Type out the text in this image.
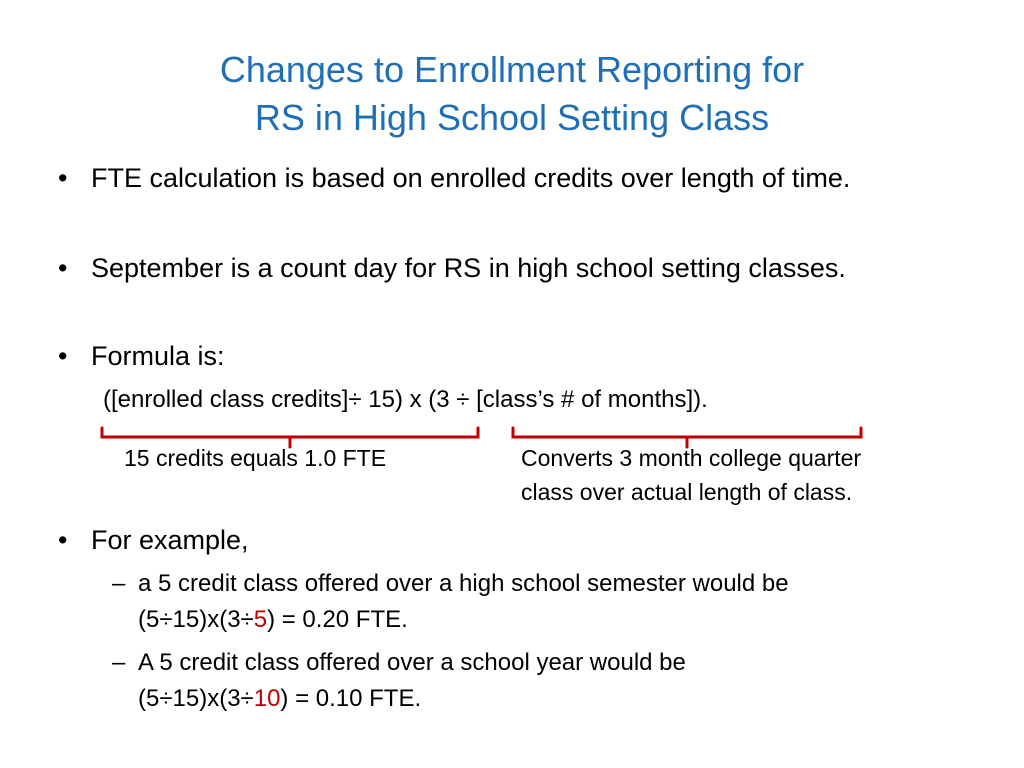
Changes to Enrollment Reporting for
RS in High School Setting Class
• FTE calculation is based on enrolled credits over length of time.
• September is a count day for RS in high school setting classes.
• Formula is:
([enrolled class credits]÷ 15) x (3 ÷ [class’s # of months]).
15 credits equals 1.0 FTE	Converts 3 month college quarter
class over actual length of class.
• For example,
– a 5 credit class offered over a high school semester would be
(5÷15)x(3÷5) = 0.20 FTE.
– A 5 credit class offered over a school year would be
(5÷15)x(3÷10) = 0.10 FTE.
